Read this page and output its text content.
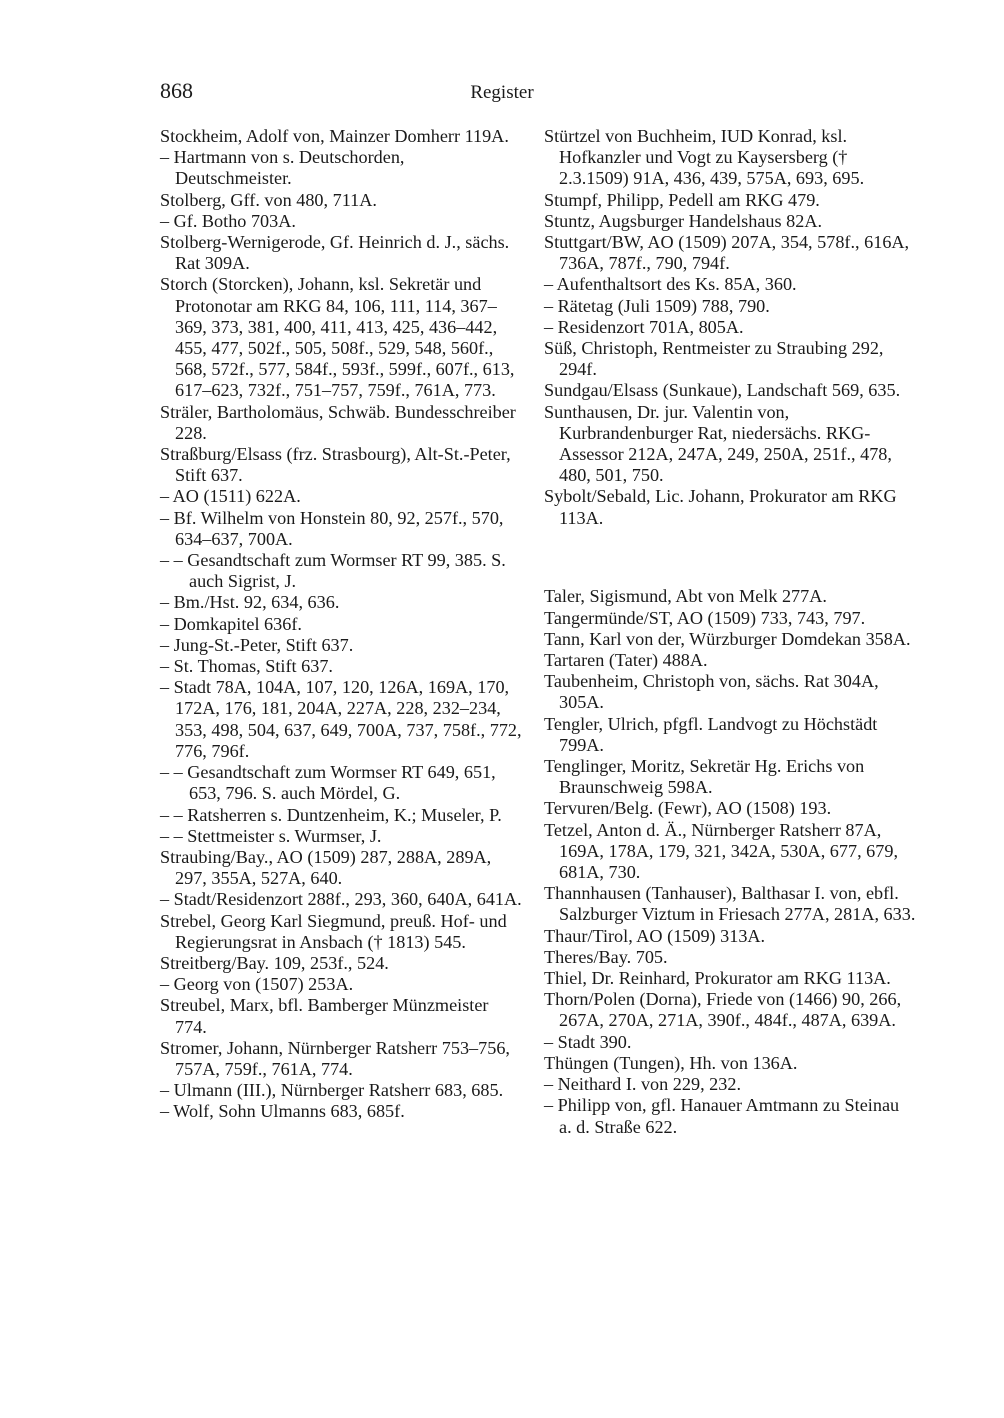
868	Register

Stockheim, Adolf von, Mainzer Domherr 119A.

– Hartmann von s. Deutschorden, Deutschmeister.

Stolberg, Gff. von 480, 711A.

– Gf. Botho 703A.

Stolberg-Wernigerode, Gf. Heinrich d. J., sächs. Rat 309A.

Storch (Storcken), Johann, ksl. Sekretär und Protonotar am RKG 84, 106, 111, 114, 367–369, 373, 381, 400, 411, 413, 425, 436–442, 455, 477, 502f., 505, 508f., 529, 548, 560f., 568, 572f., 577, 584f., 593f., 599f., 607f., 613, 617–623, 732f., 751–757, 759f., 761A, 773.

Sträler, Bartholomäus, Schwäb. Bundesschreiber 228.

Straßburg/Elsass (frz. Strasbourg), Alt-St.-Peter, Stift 637.

– AO (1511) 622A.

– Bf. Wilhelm von Honstein 80, 92, 257f., 570, 634–637, 700A.

– – Gesandtschaft zum Wormser RT 99, 385. S. auch Sigrist, J.

– Bm./Hst. 92, 634, 636.

– Domkapitel 636f.

– Jung-St.-Peter, Stift 637.

– St. Thomas, Stift 637.

– Stadt 78A, 104A, 107, 120, 126A, 169A, 170, 172A, 176, 181, 204A, 227A, 228, 232–234, 353, 498, 504, 637, 649, 700A, 737, 758f., 772, 776, 796f.

– – Gesandtschaft zum Wormser RT 649, 651, 653, 796. S. auch Mördel, G.

– – Ratsherren s. Duntzenheim, K.; Museler, P.

– – Stettmeister s. Wurmser, J.

Straubing/Bay., AO (1509) 287, 288A, 289A, 297, 355A, 527A, 640.

– Stadt/Residenzort 288f., 293, 360, 640A, 641A.

Strebel, Georg Karl Siegmund, preuß. Hof- und Regierungsrat in Ansbach († 1813) 545.

Streitberg/Bay. 109, 253f., 524.

– Georg von (1507) 253A.

Streubel, Marx, bfl. Bamberger Münzmeister 774.

Stromer, Johann, Nürnberger Ratsherr 753–756, 757A, 759f., 761A, 774.

– Ulmann (III.), Nürnberger Ratsherr 683, 685.

– Wolf, Sohn Ulmanns 683, 685f.

Stürtzel von Buchheim, IUD Konrad, ksl. Hofkanzler und Vogt zu Kaysersberg († 2.3.1509) 91A, 436, 439, 575A, 693, 695.

Stumpf, Philipp, Pedell am RKG 479.

Stuntz, Augsburger Handelshaus 82A.

Stuttgart/BW, AO (1509) 207A, 354, 578f., 616A, 736A, 787f., 790, 794f.

– Aufenthaltsort des Ks. 85A, 360.

– Rätetag (Juli 1509) 788, 790.

– Residenzort 701A, 805A.

Süß, Christoph, Rentmeister zu Straubing 292, 294f.

Sundgau/Elsass (Sunkaue), Landschaft 569, 635.

Sunthausen, Dr. jur. Valentin von, Kurbrandenburger Rat, niedersächs. RKG-Assessor 212A, 247A, 249, 250A, 251f., 478, 480, 501, 750.

Sybolt/Sebald, Lic. Johann, Prokurator am RKG 113A.

Taler, Sigismund, Abt von Melk 277A.

Tangermünde/ST, AO (1509) 733, 743, 797.

Tann, Karl von der, Würzburger Domdekan 358A.

Tartaren (Tater) 488A.

Taubenheim, Christoph von, sächs. Rat 304A, 305A.

Tengler, Ulrich, pfgfl. Landvogt zu Höchstädt 799A.

Tenglinger, Moritz, Sekretär Hg. Erichs von Braunschweig 598A.

Tervuren/Belg. (Fewr), AO (1508) 193.

Tetzel, Anton d. Ä., Nürnberger Ratsherr 87A, 169A, 178A, 179, 321, 342A, 530A, 677, 679, 681A, 730.

Thannhausen (Tanhauser), Balthasar I. von, ebfl. Salzburger Viztum in Friesach 277A, 281A, 633.

Thaur/Tirol, AO (1509) 313A.

Theres/Bay. 705.

Thiel, Dr. Reinhard, Prokurator am RKG 113A.

Thorn/Polen (Dorna), Friede von (1466) 90, 266, 267A, 270A, 271A, 390f., 484f., 487A, 639A.

– Stadt 390.

Thüngen (Tungen), Hh. von 136A.

– Neithard I. von 229, 232.

– Philipp von, gfl. Hanauer Amtmann zu Steinau a. d. Straße 622.
